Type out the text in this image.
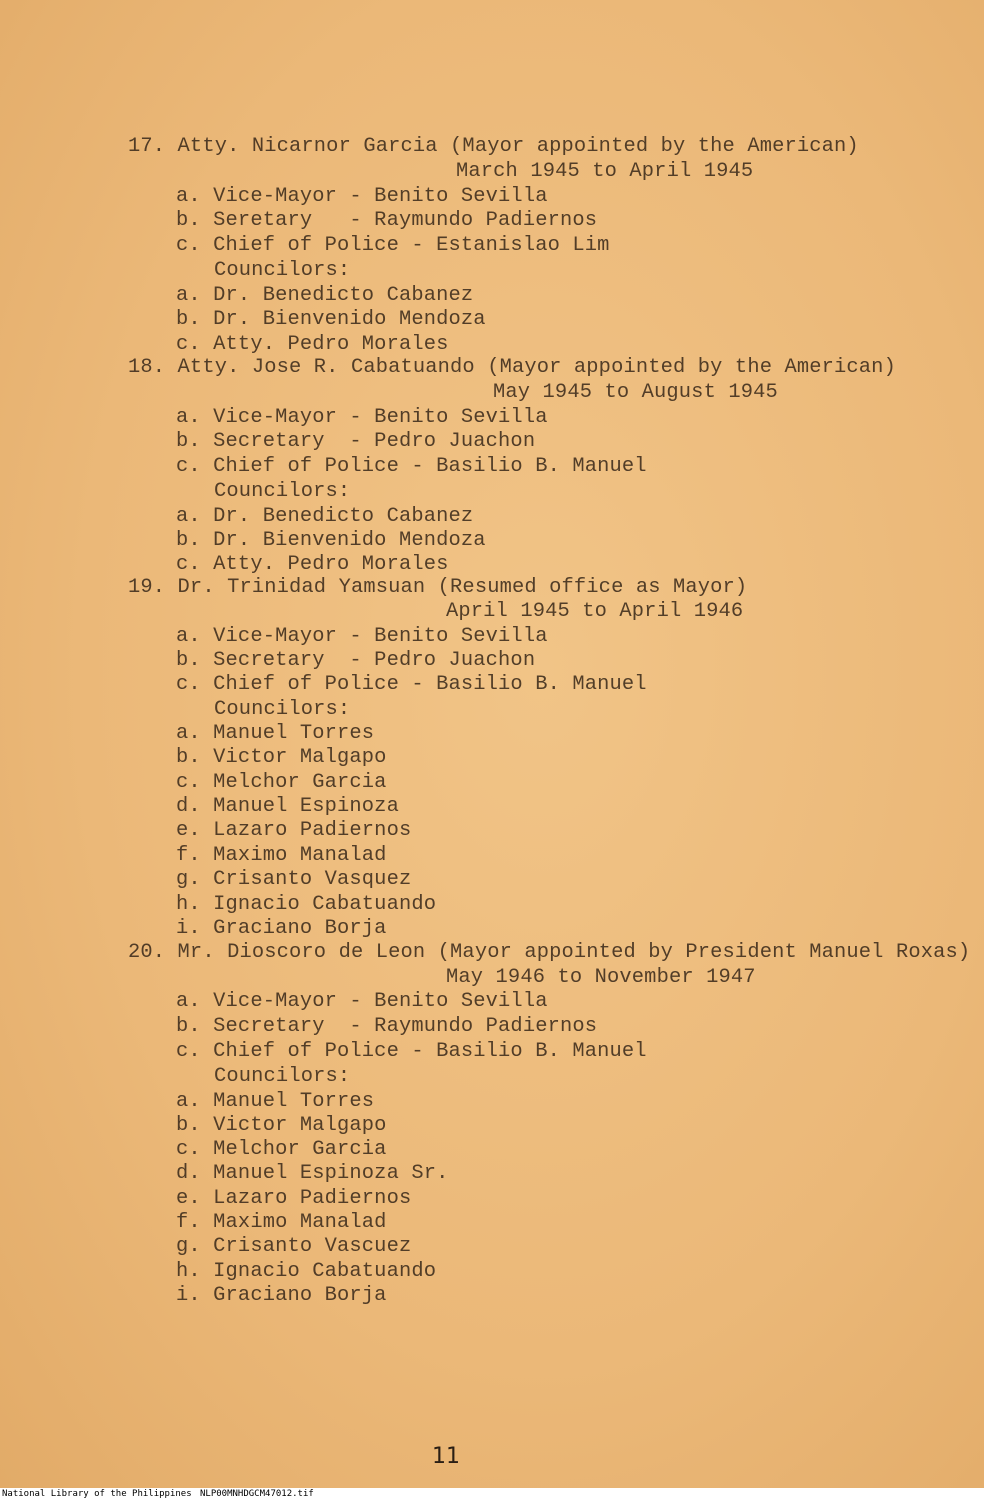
17. Atty. Nicarnor Garcia (Mayor appointed by the American)
March 1945 to April 1945
a. Vice-Mayor - Benito Sevilla
b. Seretary   - Raymundo Padiernos
c. Chief of Police - Estanislao Lim
Councilors:
a. Dr. Benedicto Cabanez
b. Dr. Bienvenido Mendoza
c. Atty. Pedro Morales
18. Atty. Jose R. Cabatuando (Mayor appointed by the American)
May 1945 to August 1945
a. Vice-Mayor - Benito Sevilla
b. Secretary  - Pedro Juachon
c. Chief of Police - Basilio B. Manuel
Councilors:
a. Dr. Benedicto Cabanez
b. Dr. Bienvenido Mendoza
c. Atty. Pedro Morales
19. Dr. Trinidad Yamsuan (Resumed office as Mayor)
April 1945 to April 1946
a. Vice-Mayor - Benito Sevilla
b. Secretary  - Pedro Juachon
c. Chief of Police - Basilio B. Manuel
Councilors:
a. Manuel Torres
b. Victor Malgapo
c. Melchor Garcia
d. Manuel Espinoza
e. Lazaro Padiernos
f. Maximo Manalad
g. Crisanto Vasquez
h. Ignacio Cabatuando
i. Graciano Borja
20. Mr. Dioscoro de Leon (Mayor appointed by President Manuel Roxas)
May 1946 to November 1947
a. Vice-Mayor - Benito Sevilla
b. Secretary  - Raymundo Padiernos
c. Chief of Police - Basilio B. Manuel
Councilors:
a. Manuel Torres
b. Victor Malgapo
c. Melchor Garcia
d. Manuel Espinoza Sr.
e. Lazaro Padiernos
f. Maximo Manalad
g. Crisanto Vascuez
h. Ignacio Cabatuando
i. Graciano Borja
11
National Library of the Philippines NLP00MNHDGCM47012.tif
